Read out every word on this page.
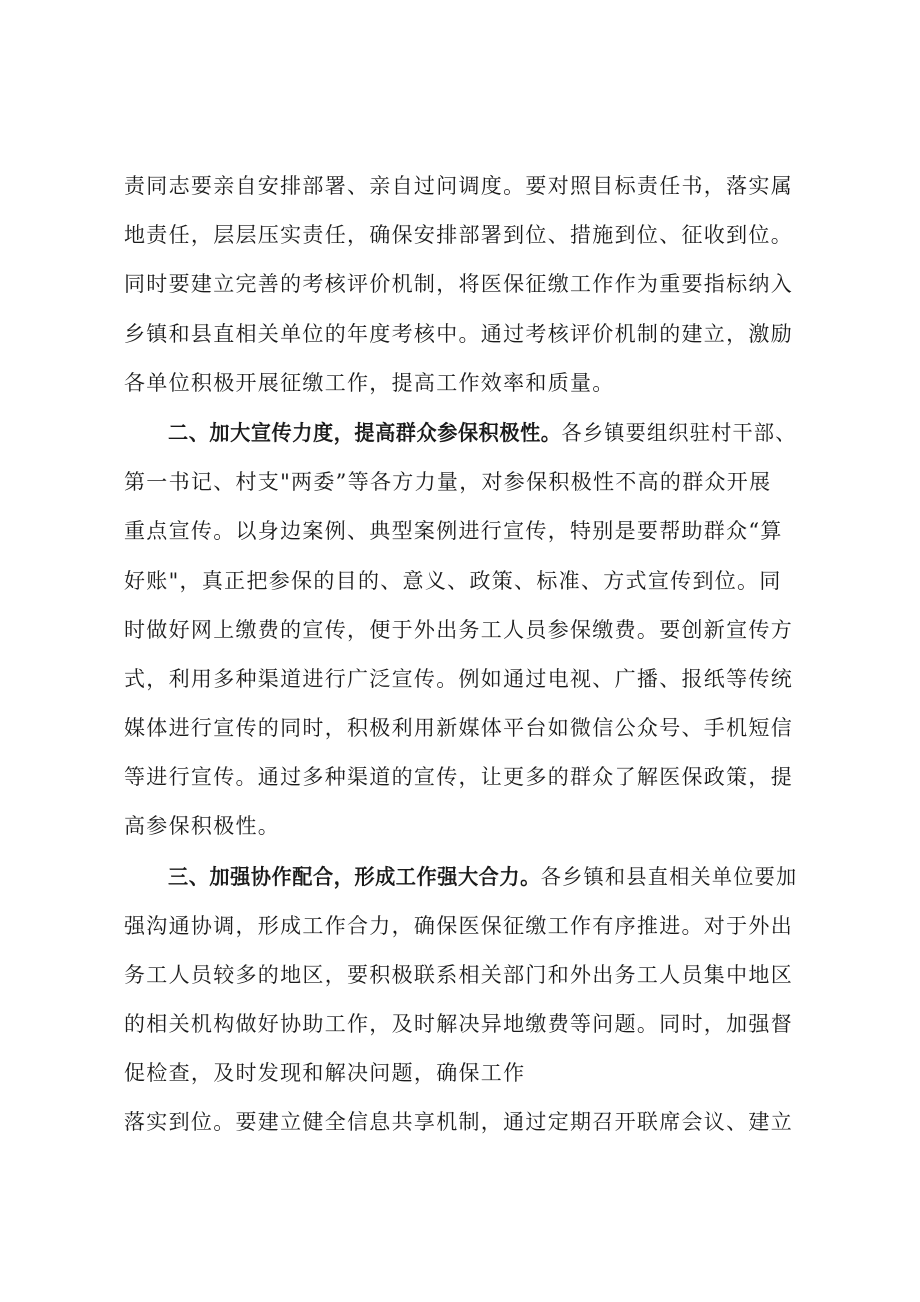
责同志要亲自安排部署、亲自过问调度。要对照目标责任书，落实属
地责任，层层压实责任，确保安排部署到位、措施到位、征收到位。
同时要建立完善的考核评价机制，将医保征缴工作作为重要指标纳入
乡镇和县直相关单位的年度考核中。通过考核评价机制的建立，激励
各单位积极开展征缴工作，提高工作效率和质量。
二、加大宣传力度，提高群众参保积极性。各乡镇要组织驻村干部、
第一书记、村支"两委”等各方力量，对参保积极性不高的群众开展
重点宣传。以身边案例、典型案例进行宣传，特别是要帮助群众“算
好账"，真正把参保的目的、意义、政策、标准、方式宣传到位。同
时做好网上缴费的宣传，便于外出务工人员参保缴费。要创新宣传方
式，利用多种渠道进行广泛宣传。例如通过电视、广播、报纸等传统
媒体进行宣传的同时，积极利用新媒体平台如微信公众号、手机短信
等进行宣传。通过多种渠道的宣传，让更多的群众了解医保政策，提
高参保积极性。
三、加强协作配合，形成工作强大合力。各乡镇和县直相关单位要加
强沟通协调，形成工作合力，确保医保征缴工作有序推进。对于外出
务工人员较多的地区，要积极联系相关部门和外出务工人员集中地区
的相关机构做好协助工作，及时解决异地缴费等问题。同时，加强督
促检查，及时发现和解决问题，确保工作
落实到位。要建立健全信息共享机制，通过定期召开联席会议、建立
